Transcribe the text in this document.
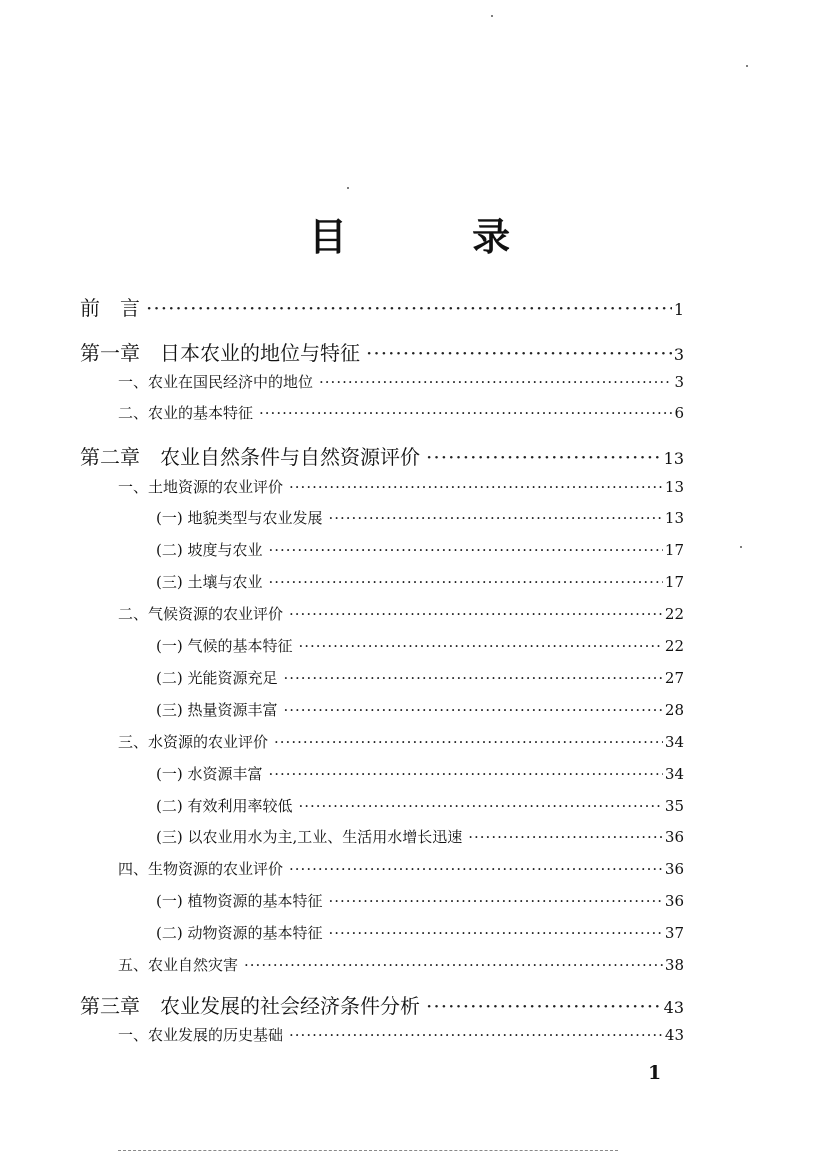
目 录
前　言 ·····	1
第一章　日本农业的地位与特征 ·····	3
一、农业在国民经济中的地位 ·····	3
二、农业的基本特征 ·····	6
第二章　农业自然条件与自然资源评价 ·····	13
一、土地资源的农业评价 ·····	13
(一) 地貌类型与农业发展 ·····	13
(二) 坡度与农业 ·····	17
(三) 土壤与农业 ·····	17
二、气候资源的农业评价 ·····	22
(一) 气候的基本特征 ·····	22
(二) 光能资源充足 ·····	27
(三) 热量资源丰富 ·····	28
三、水资源的农业评价 ·····	34
(一) 水资源丰富 ·····	34
(二) 有效利用率较低 ·····	35
(三) 以农业用水为主,工业、生活用水增长迅速 ·····	36
四、生物资源的农业评价 ·····	36
(一) 植物资源的基本特征 ·····	36
(二) 动物资源的基本特征 ·····	37
五、农业自然灾害 ·····	38
第三章　农业发展的社会经济条件分析 ·····	43
一、农业发展的历史基础 ·····	43
1
